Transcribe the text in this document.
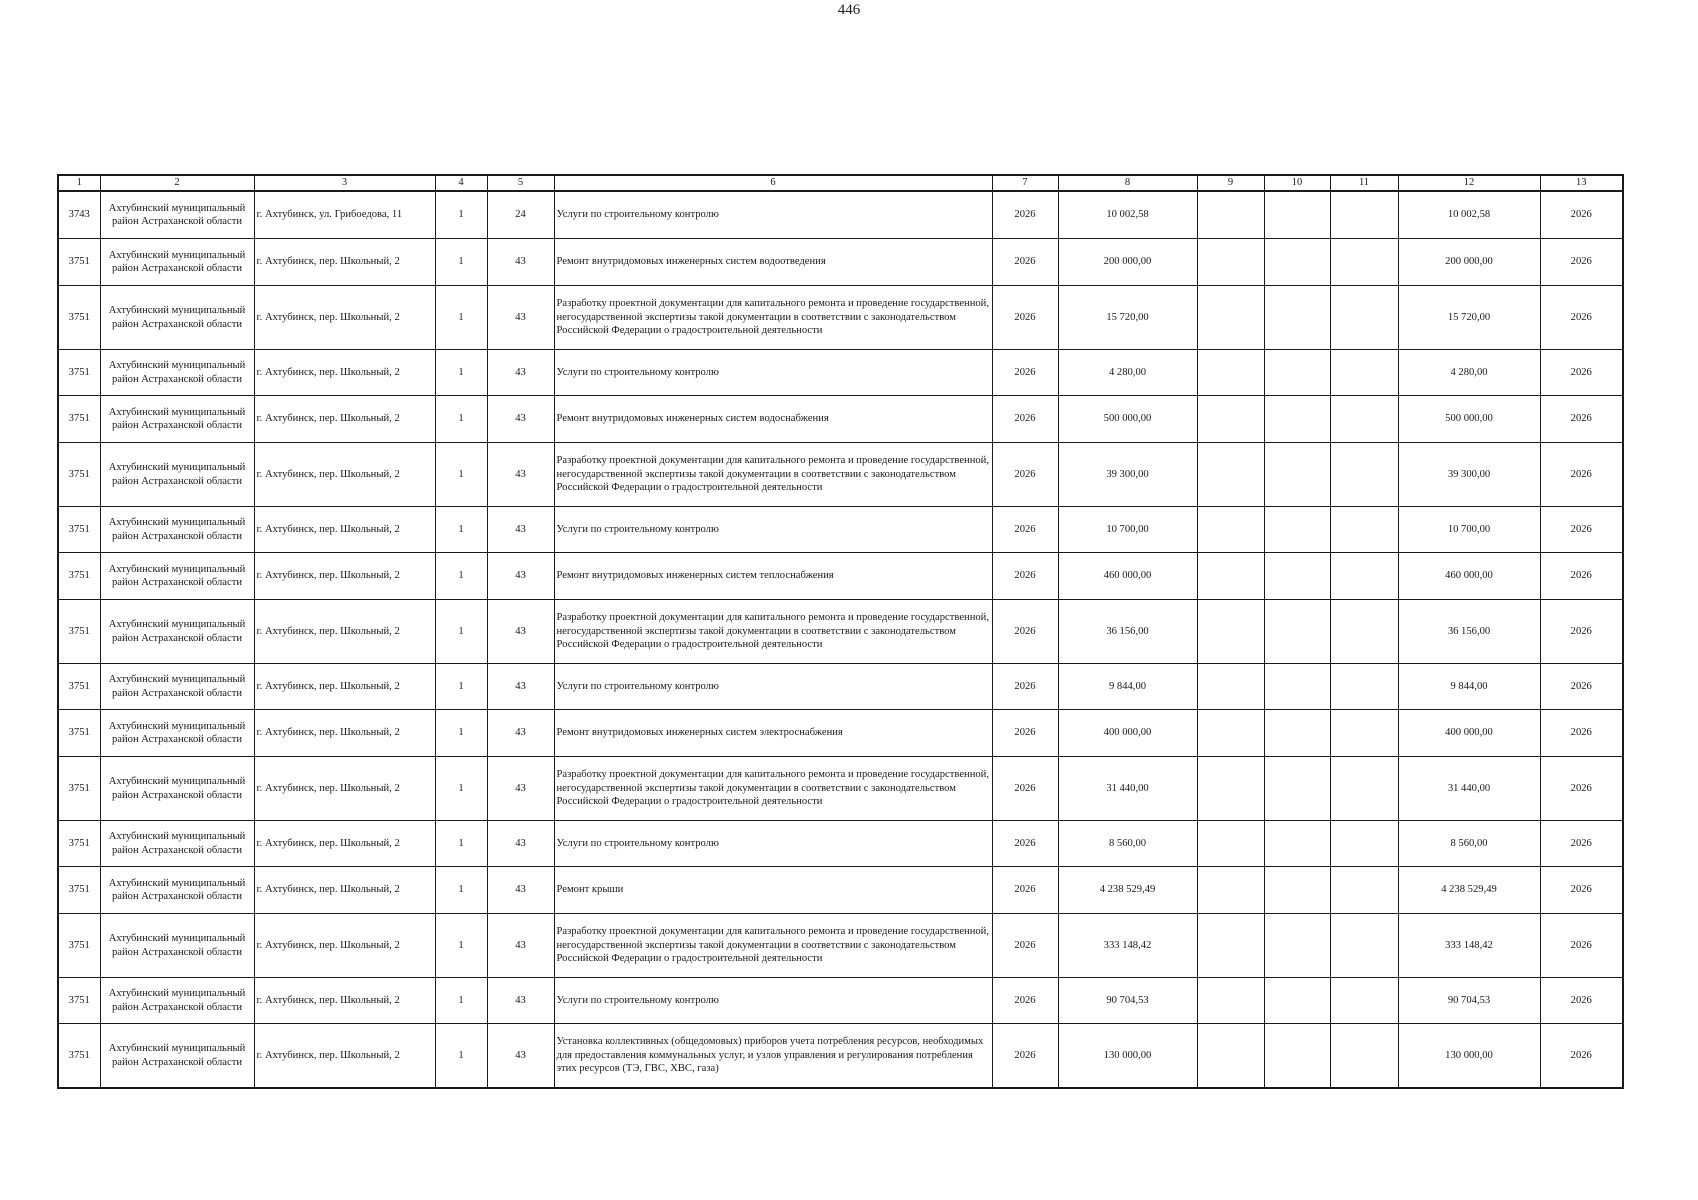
446
1	2	3	4	5	6	7	8	9	10	11	12	13
3743	Ахтубинский муниципальный район Астраханской области	г. Ахтубинск, ул. Грибоедова, 11	1	24	Услуги по строительному контролю	2026	10 002,58				10 002,58	2026
3751	Ахтубинский муниципальный район Астраханской области	г. Ахтубинск, пер. Школьный, 2	1	43	Ремонт внутридомовых инженерных систем водоотведения	2026	200 000,00				200 000,00	2026
3751	Ахтубинский муниципальный район Астраханской области	г. Ахтубинск, пер. Школьный, 2	1	43	Разработку проектной документации для капитального ремонта и проведение государственной, негосударственной экспертизы такой документации в соответствии с законодательством Российской Федерации о градостроительной деятельности	2026	15 720,00				15 720,00	2026
3751	Ахтубинский муниципальный район Астраханской области	г. Ахтубинск, пер. Школьный, 2	1	43	Услуги по строительному контролю	2026	4 280,00				4 280,00	2026
3751	Ахтубинский муниципальный район Астраханской области	г. Ахтубинск, пер. Школьный, 2	1	43	Ремонт внутридомовых инженерных систем водоснабжения	2026	500 000,00				500 000,00	2026
3751	Ахтубинский муниципальный район Астраханской области	г. Ахтубинск, пер. Школьный, 2	1	43	Разработку проектной документации для капитального ремонта и проведение государственной, негосударственной экспертизы такой документации в соответствии с законодательством Российской Федерации о градостроительной деятельности	2026	39 300,00				39 300,00	2026
3751	Ахтубинский муниципальный район Астраханской области	г. Ахтубинск, пер. Школьный, 2	1	43	Услуги по строительному контролю	2026	10 700,00				10 700,00	2026
3751	Ахтубинский муниципальный район Астраханской области	г. Ахтубинск, пер. Школьный, 2	1	43	Ремонт внутридомовых инженерных систем теплоснабжения	2026	460 000,00				460 000,00	2026
3751	Ахтубинский муниципальный район Астраханской области	г. Ахтубинск, пер. Школьный, 2	1	43	Разработку проектной документации для капитального ремонта и проведение государственной, негосударственной экспертизы такой документации в соответствии с законодательством Российской Федерации о градостроительной деятельности	2026	36 156,00				36 156,00	2026
3751	Ахтубинский муниципальный район Астраханской области	г. Ахтубинск, пер. Школьный, 2	1	43	Услуги по строительному контролю	2026	9 844,00				9 844,00	2026
3751	Ахтубинский муниципальный район Астраханской области	г. Ахтубинск, пер. Школьный, 2	1	43	Ремонт внутридомовых инженерных систем электроснабжения	2026	400 000,00				400 000,00	2026
3751	Ахтубинский муниципальный район Астраханской области	г. Ахтубинск, пер. Школьный, 2	1	43	Разработку проектной документации для капитального ремонта и проведение государственной, негосударственной экспертизы такой документации в соответствии с законодательством Российской Федерации о градостроительной деятельности	2026	31 440,00				31 440,00	2026
3751	Ахтубинский муниципальный район Астраханской области	г. Ахтубинск, пер. Школьный, 2	1	43	Услуги по строительному контролю	2026	8 560,00				8 560,00	2026
3751	Ахтубинский муниципальный район Астраханской области	г. Ахтубинск, пер. Школьный, 2	1	43	Ремонт крыши	2026	4 238 529,49				4 238 529,49	2026
3751	Ахтубинский муниципальный район Астраханской области	г. Ахтубинск, пер. Школьный, 2	1	43	Разработку проектной документации для капитального ремонта и проведение государственной, негосударственной экспертизы такой документации в соответствии с законодательством Российской Федерации о градостроительной деятельности	2026	333 148,42				333 148,42	2026
3751	Ахтубинский муниципальный район Астраханской области	г. Ахтубинск, пер. Школьный, 2	1	43	Услуги по строительному контролю	2026	90 704,53				90 704,53	2026
3751	Ахтубинский муниципальный район Астраханской области	г. Ахтубинск, пер. Школьный, 2	1	43	Установка коллективных (общедомовых) приборов учета потребления ресурсов, необходимых для предоставления коммунальных услуг, и узлов управления и регулирования потребления этих ресурсов (ТЭ, ГВС, ХВС, газа)	2026	130 000,00				130 000,00	2026
